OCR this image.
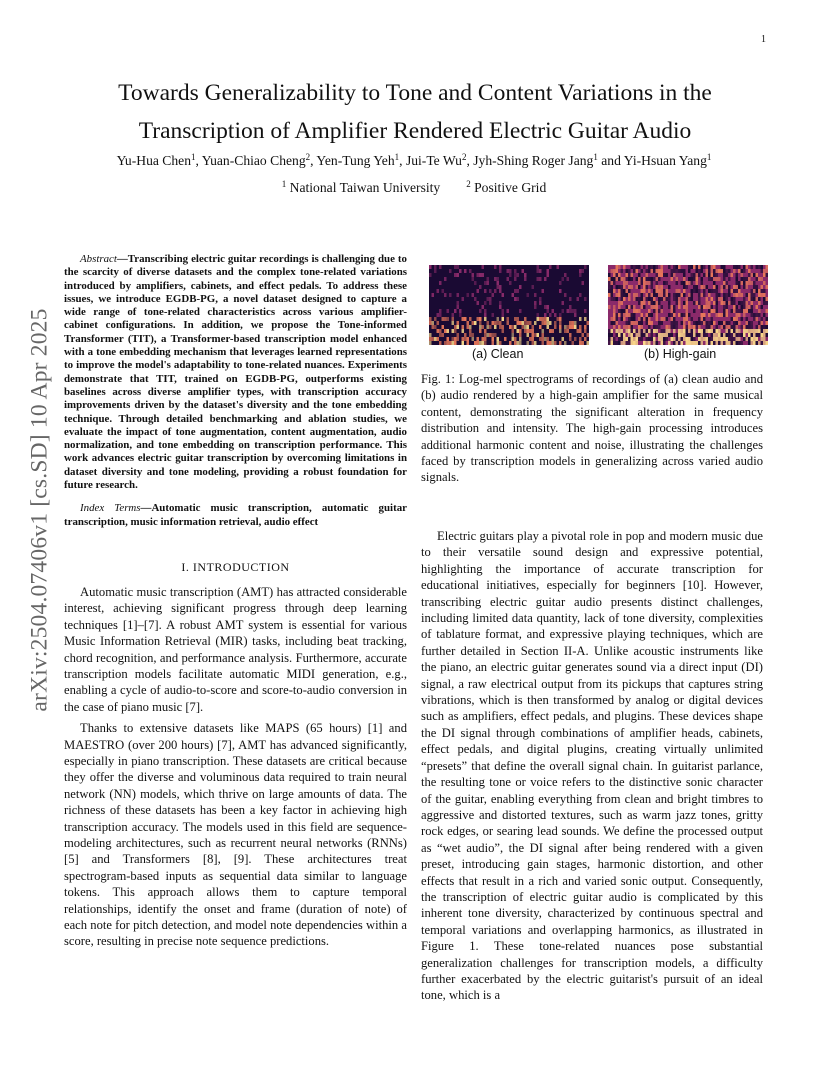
1
arXiv:2504.07406v1 [cs.SD] 10 Apr 2025
Towards Generalizability to Tone and Content Variations in the
Transcription of Amplifier Rendered Electric Guitar Audio
Yu-Hua Chen$^1$, Yuan-Chiao Cheng$^2$, Yen-Tung Yeh$^1$, Jui-Te Wu$^2$, Jyh-Shing Roger Jang$^1$ and Yi-Hsuan Yang$^1$
$^1$ National Taiwan University	$^2$ Positive Grid

Abstract—Transcribing electric guitar recordings is challenging due to the scarcity of diverse datasets and the complex tone-related variations introduced by amplifiers, cabinets, and effect pedals. To address these issues, we introduce EGDB-PG, a novel dataset designed to capture a wide range of tone-related characteristics across various amplifier-cabinet configurations. In addition, we propose the Tone-informed Transformer (TIT), a Transformer-based transcription model enhanced with a tone embedding mechanism that leverages learned representations to improve the model's adaptability to tone-related nuances. Experiments demonstrate that TIT, trained on EGDB-PG, outperforms existing baselines across diverse amplifier types, with transcription accuracy improvements driven by the dataset's diversity and the tone embedding technique. Through detailed benchmarking and ablation studies, we evaluate the impact of tone augmentation, content augmentation, audio normalization, and tone embedding on transcription performance. This work advances electric guitar transcription by overcoming limitations in dataset diversity and tone modeling, providing a robust foundation for future research.

Index Terms—Automatic music transcription, automatic guitar transcription, music information retrieval, audio effect

I. INTRODUCTION

Automatic music transcription (AMT) has attracted considerable interest, achieving significant progress through deep learning techniques [1]–[7]. A robust AMT system is essential for various Music Information Retrieval (MIR) tasks, including beat tracking, chord recognition, and performance analysis. Furthermore, accurate transcription models facilitate automatic MIDI generation, e.g., enabling a cycle of audio-to-score and score-to-audio conversion in the case of piano music [7].

Thanks to extensive datasets like MAPS (65 hours) [1] and MAESTRO (over 200 hours) [7], AMT has advanced significantly, especially in piano transcription. These datasets are critical because they offer the diverse and voluminous data required to train neural network (NN) models, which thrive on large amounts of data. The richness of these datasets has been a key factor in achieving high transcription accuracy. The models used in this field are sequence-modeling architectures, such as recurrent neural networks (RNNs) [5] and Transformers [8], [9]. These architectures treat spectrogram-based inputs as sequential data similar to language tokens. This approach allows them to capture temporal relationships, identify the onset and frame (duration of note) of each note for pitch detection, and model note dependencies within a score, resulting in precise note sequence predictions.

(a) Clean	(b) High-gain

Fig. 1: Log-mel spectrograms of recordings of (a) clean audio and (b) audio rendered by a high-gain amplifier for the same musical content, demonstrating the significant alteration in frequency distribution and intensity. The high-gain processing introduces additional harmonic content and noise, illustrating the challenges faced by transcription models in generalizing across varied audio signals.

Electric guitars play a pivotal role in pop and modern music due to their versatile sound design and expressive potential, highlighting the importance of accurate transcription for educational initiatives, especially for beginners [10]. However, transcribing electric guitar audio presents distinct challenges, including limited data quantity, lack of tone diversity, complexities of tablature format, and expressive playing techniques, which are further detailed in Section II-A. Unlike acoustic instruments like the piano, an electric guitar generates sound via a direct input (DI) signal, a raw electrical output from its pickups that captures string vibrations, which is then transformed by analog or digital devices such as amplifiers, effect pedals, and plugins. These devices shape the DI signal through combinations of amplifier heads, cabinets, effect pedals, and digital plugins, creating virtually unlimited “presets” that define the overall signal chain. In guitarist parlance, the resulting tone or voice refers to the distinctive sonic character of the guitar, enabling everything from clean and bright timbres to aggressive and distorted textures, such as warm jazz tones, gritty rock edges, or searing lead sounds. We define the processed output as “wet audio”, the DI signal after being rendered with a given preset, introducing gain stages, harmonic distortion, and other effects that result in a rich and varied sonic output. Consequently, the transcription of electric guitar audio is complicated by this inherent tone diversity, characterized by continuous spectral and temporal variations and overlapping harmonics, as illustrated in Figure 1. These tone-related nuances pose substantial generalization challenges for transcription models, a difficulty further exacerbated by the electric guitarist's pursuit of an ideal tone, which is a
